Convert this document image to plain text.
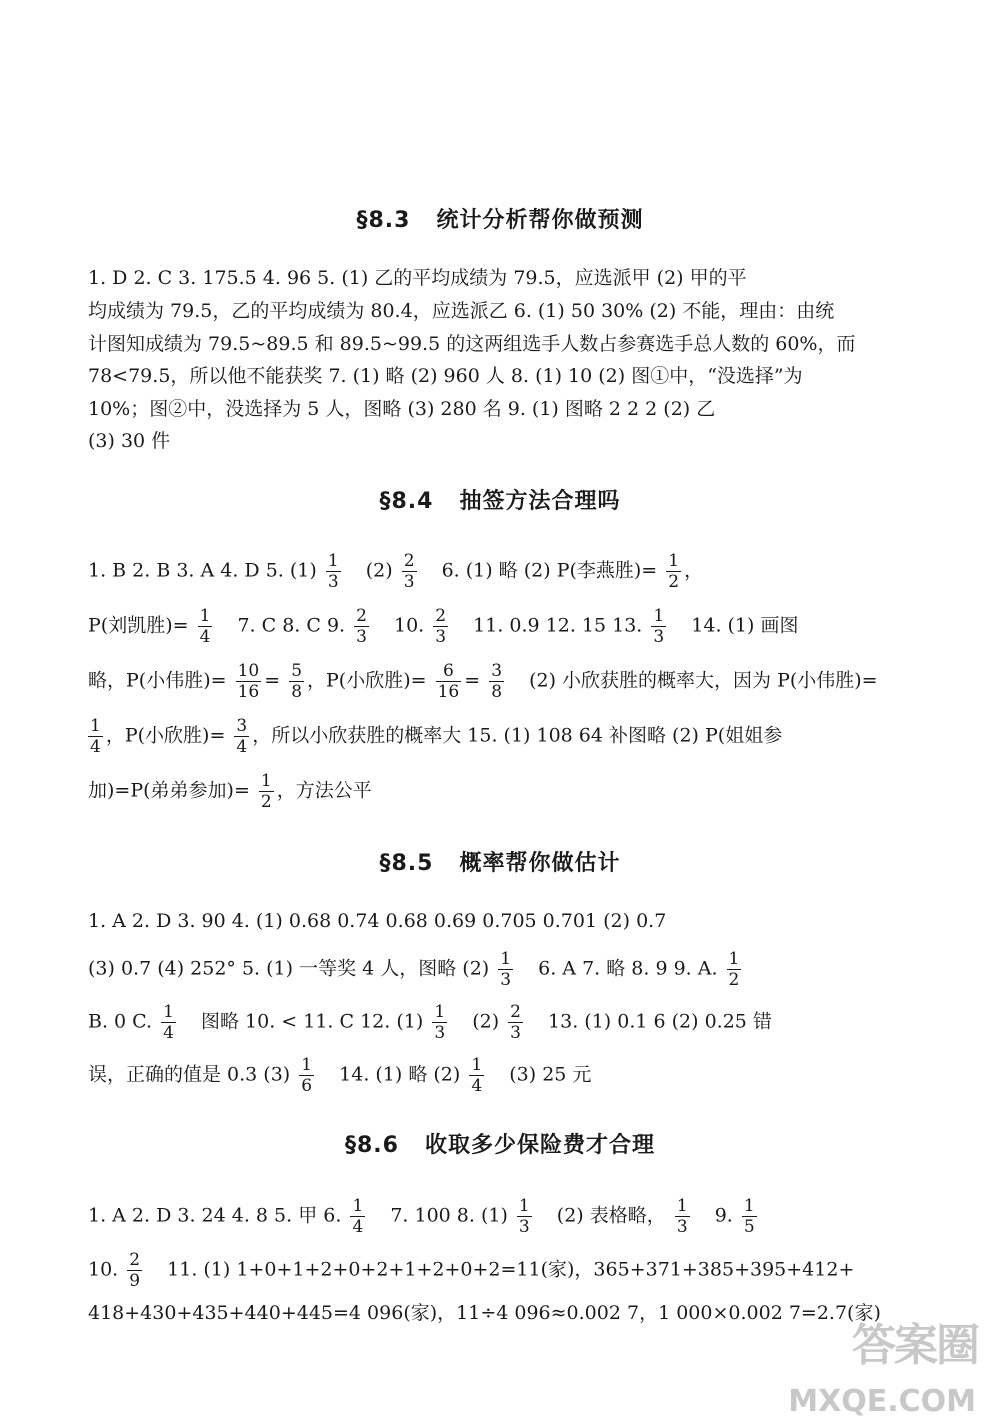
§8.3 统计分析帮你做预测
1. D 2. C 3. 175.5 4. 96 5. (1) 乙的平均成绩为 79.5，应选派甲 (2) 甲的平
均成绩为 79.5，乙的平均成绩为 80.4，应选派乙 6. (1) 50 30% (2) 不能，理由：由统
计图知成绩为 79.5~89.5 和 89.5~99.5 的这两组选手人数占参赛选手总人数的 60%，而
78<79.5，所以他不能获奖 7. (1) 略 (2) 960 人 8. (1) 10 (2) 图①中，“没选择”为
10%；图②中，没选择为 5 人，图略 (3) 280 名 9. (1) 图略 2 2 2 (2) 乙
(3) 30 件
§8.4 抽签方法合理吗
1. B 2. B 3. A 4. D 5. $(1) \frac{1}{3} (2) \frac{2}{3} 6$. (1) 略 (2) P(李燕胜)= $\frac{1}{2}$ ，
P(刘凯胜)= $\frac{1}{4} 7$. C 8. C 9. $\frac{2}{3} 10$. $\frac{2}{3} 11$. 0.9 12. 15 13. $\frac{1}{3} 14$. (1) 画图
略，P(小伟胜)= $\frac{10}{16} = \frac{5}{8}$ ，P(小欣胜)= $\frac{6}{16} = \frac{3}{8} (2)$ 小欣获胜的概率大，因为 P(小伟胜)=
$\frac{1}{4}$ ，P(小欣胜)= $\frac{3}{4}$ ，所以小欣获胜的概率大 15. (1) 108 64 补图略 (2) P(姐姐参
加)=P(弟弟参加)= $\frac{1}{2}$ ，方法公平
§8.5 概率帮你做估计
1. A 2. D 3. 90 4. (1) 0.68 0.74 0.68 0.69 0.705 0.701 (2) 0.7
(3) 0.7 (4) 252° 5. (1) 一等奖 4 人，图略 $(2) \frac{1}{3} 6$. A 7. 略 8. 9 9. A. $\frac{1}{2}$
B. 0 C. $\frac{1}{4}$ 图略 10. < 11. C 12. $(1) \frac{1}{3} (2) \frac{2}{3} 13$. (1) 0.1 6 (2) 0.25 错
误，正确的值是 0.3 $(3) \frac{1}{6} 14$. (1) 略 $(2) \frac{1}{4} (3)$ 25 元
§8.6 收取多少保险费才合理
1. A 2. D 3. 24 4. 8 5. 甲 6. $\frac{1}{4} 7$. 100 8. $(1) \frac{1}{3} (2)$ 表格略， $\frac{1}{3} 9$. $\frac{1}{5}$
10. $\frac{2}{9} 11$. (1) 1+0+1+2+0+2+1+2+0+2=11(家)，365+371+385+395+412+
418+430+435+440+445=4 096(家)，11÷4 096≈0.002 7，1 000×0.002 7=2.7(家)
答案圈
MXQE.COM
